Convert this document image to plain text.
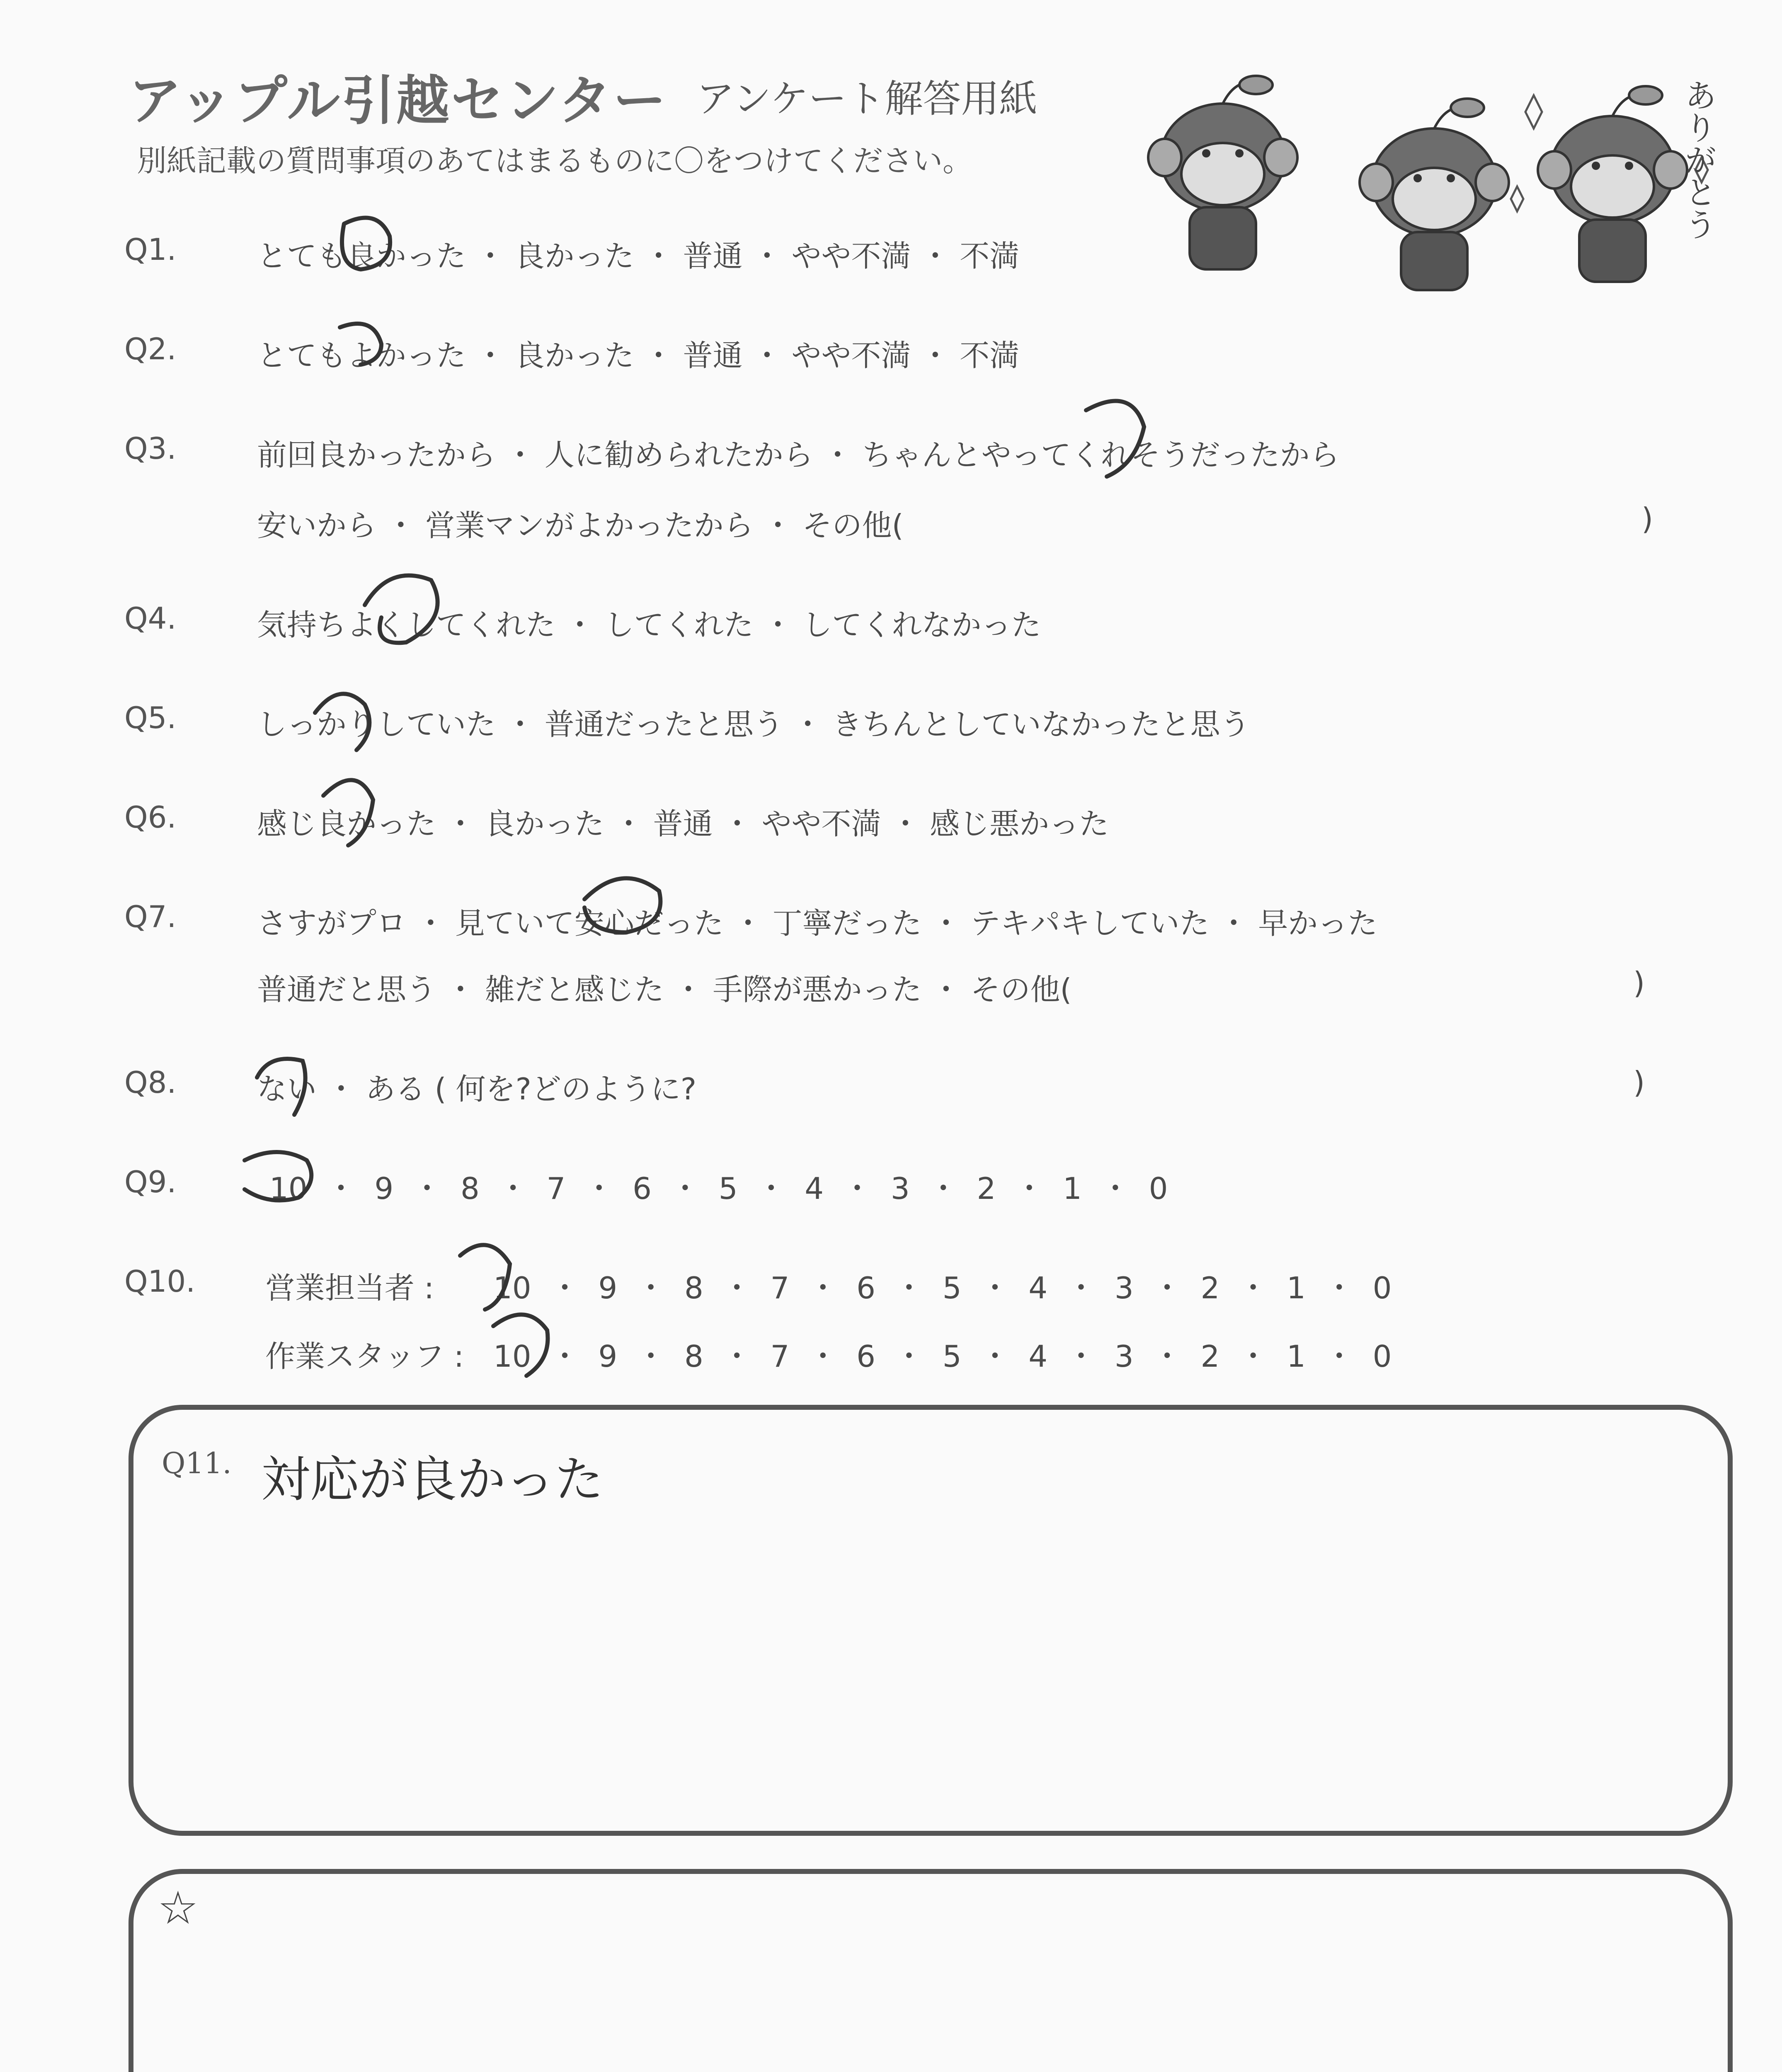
アップル引越センター アンケート解答用紙
別紙記載の質問事項のあてはまるものに〇をつけてください。	ありがとう
Q1.	とても良かった ・ 良かった ・ 普通 ・ やや不満 ・ 不満
Q2.	とてもよかった ・ 良かった ・ 普通 ・ やや不満 ・ 不満
Q3.	前回良かったから ・ 人に勧められたから ・ ちゃんとやってくれそうだったから
安いから ・ 営業マンがよかったから ・ その他(	)
Q4.	気持ちよくしてくれた ・ してくれた ・ してくれなかった
Q5.	しっかりしていた ・ 普通だったと思う ・ きちんとしていなかったと思う
Q6.	感じ良かった ・ 良かった ・ 普通 ・ やや不満 ・ 感じ悪かった
Q7.	さすがプロ ・ 見ていて安心だった ・ 丁寧だった ・ テキパキしていた ・ 早かった
普通だと思う ・ 雑だと感じた ・ 手際が悪かった ・ その他(	)
Q8.	ない ・ ある ( 何を?どのように?	)
Q9.	10 ・ 9 ・ 8 ・ 7 ・ 6 ・ 5 ・ 4 ・ 3 ・ 2 ・ 1 ・ 0
Q10. 営業担当者 : 10 ・ 9 ・ 8 ・ 7 ・ 6 ・ 5 ・ 4 ・ 3 ・ 2 ・ 1 ・ 0
作業スタッフ : 10 ・ 9 ・ 8 ・ 7 ・ 6 ・ 5 ・ 4 ・ 3 ・ 2 ・ 1 ・ 0
Q11. 対応が良かった
☆
